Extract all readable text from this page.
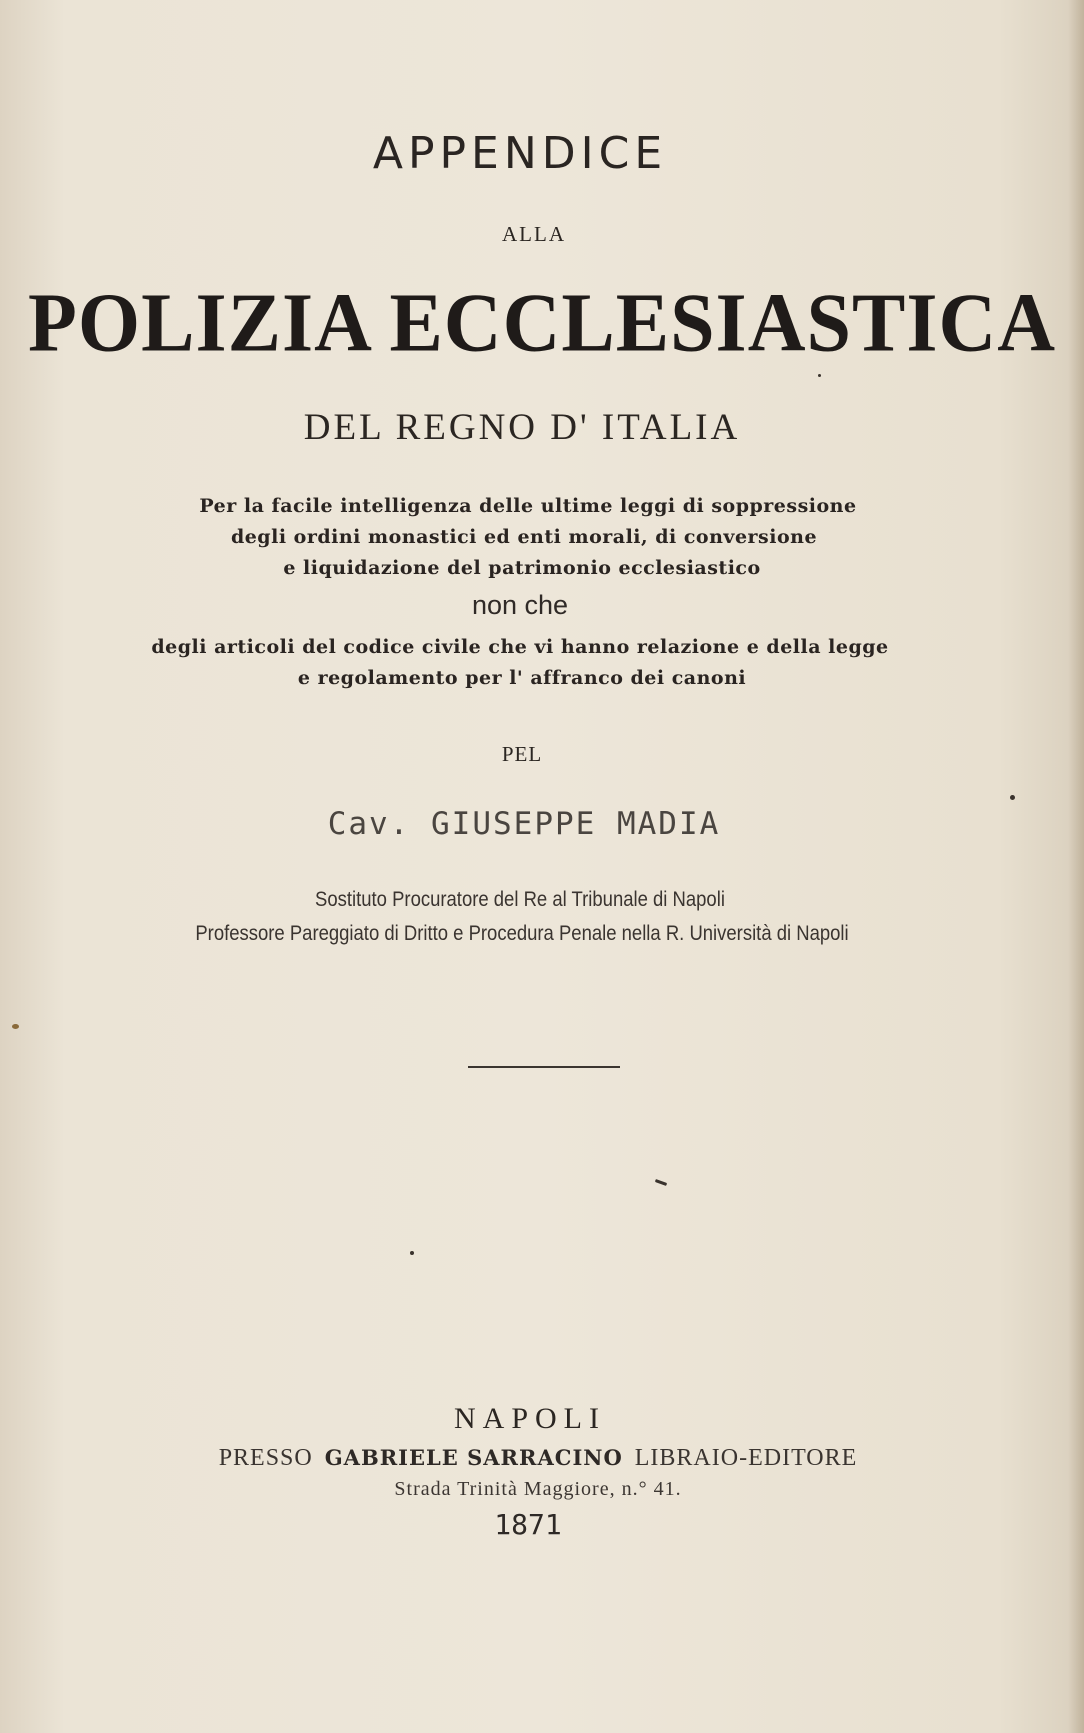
APPENDICE
ALLA
POLIZIA ECCLESIASTICA
DEL REGNO D' ITALIA
Per la facile intelligenza delle ultime leggi di soppressione
degli ordini monastici ed enti morali, di conversione
e liquidazione del patrimonio ecclesiastico
non che
degli articoli del codice civile che vi hanno relazione e della legge
e regolamento per l' affranco dei canoni
PEL
Cav. GIUSEPPE MADIA
Sostituto Procuratore del Re al Tribunale di Napoli
Professore Pareggiato di Dritto e Procedura Penale nella R. Università di Napoli
NAPOLI
PRESSO GABRIELE SARRACINO LIBRAIO-EDITORE
Strada Trinità Maggiore, n.° 41.
1871
